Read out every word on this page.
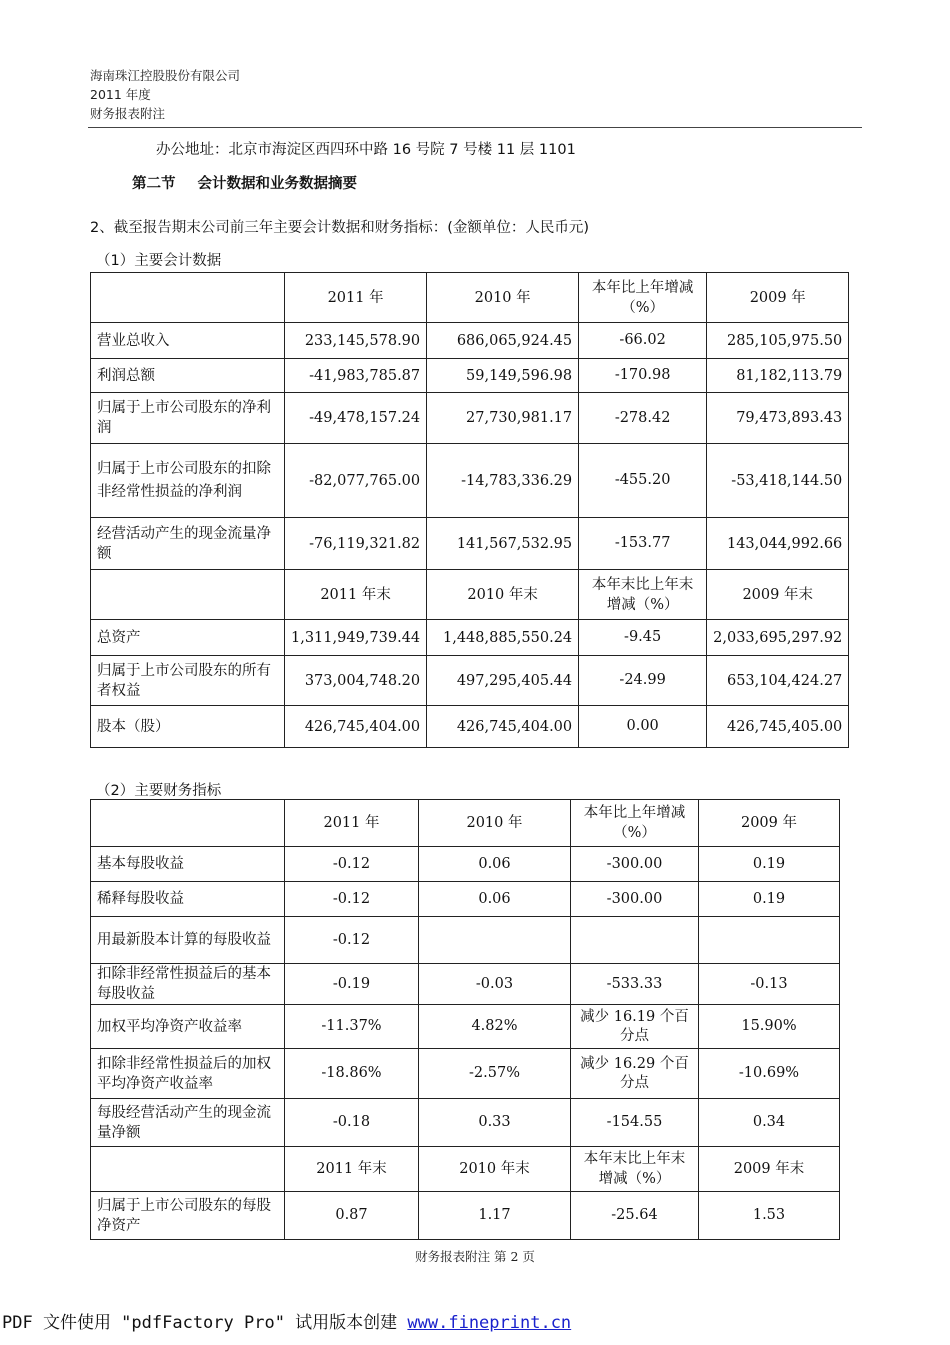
海南珠江控股股份有限公司
2011 年度
财务报表附注
办公地址：北京市海淀区西四环中路 16 号院 7 号楼 11 层 1101
第二节 会计数据和业务数据摘要
2、截至报告期末公司前三年主要会计数据和财务指标：(金额单位：人民币元)
（1）主要会计数据
	2011 年	2010 年	本年比上年增减（%）	2009 年
营业总收入	233,145,578.90	686,065,924.45	-66.02	285,105,975.50
利润总额	-41,983,785.87	59,149,596.98	-170.98	81,182,113.79
归属于上市公司股东的净利润	-49,478,157.24	27,730,981.17	-278.42	79,473,893.43
归属于上市公司股东的扣除非经常性损益的净利润	-82,077,765.00	-14,783,336.29	-455.20	-53,418,144.50
经营活动产生的现金流量净额	-76,119,321.82	141,567,532.95	-153.77	143,044,992.66
	2011 年末	2010 年末	本年末比上年末增减（%）	2009 年末
总资产	1,311,949,739.44	1,448,885,550.24	-9.45	2,033,695,297.92
归属于上市公司股东的所有者权益	373,004,748.20	497,295,405.44	-24.99	653,104,424.27
股本（股）	426,745,404.00	426,745,404.00	0.00	426,745,405.00
（2）主要财务指标
	2011 年	2010 年	本年比上年增减（%）	2009 年
基本每股收益	-0.12	0.06	-300.00	0.19
稀释每股收益	-0.12	0.06	-300.00	0.19
用最新股本计算的每股收益	-0.12			
扣除非经常性损益后的基本每股收益	-0.19	-0.03	-533.33	-0.13
加权平均净资产收益率	-11.37%	4.82%	减少 16.19 个百分点	15.90%
扣除非经常性损益后的加权平均净资产收益率	-18.86%	-2.57%	减少 16.29 个百分点	-10.69%
每股经营活动产生的现金流量净额	-0.18	0.33	-154.55	0.34
	2011 年末	2010 年末	本年末比上年末增减（%）	2009 年末
归属于上市公司股东的每股净资产	0.87	1.17	-25.64	1.53
财务报表附注 第 2 页
PDF 文件使用 "pdfFactory Pro" 试用版本创建 www.fineprint.cn
